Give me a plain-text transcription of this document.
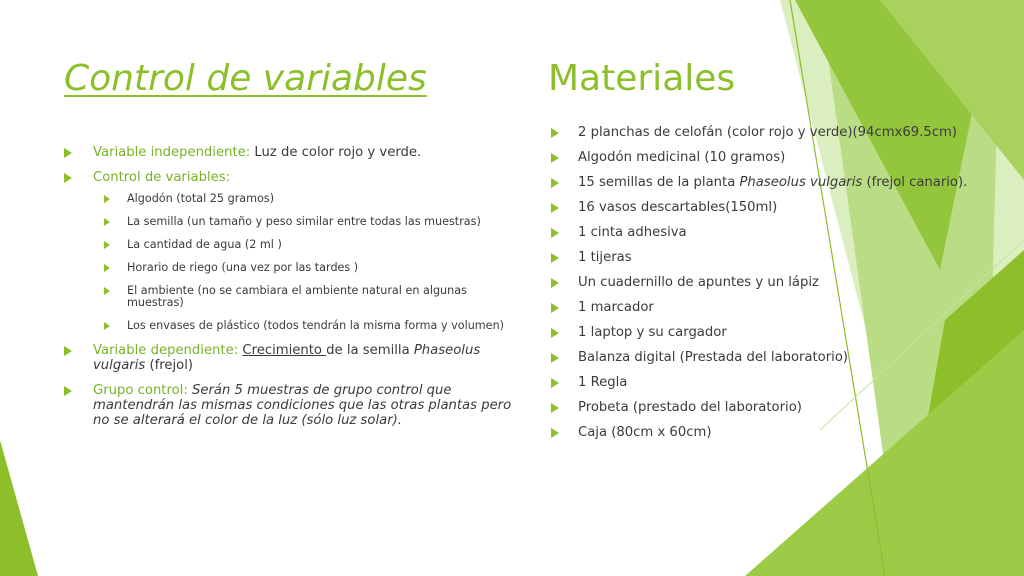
Control de variables	Materiales
Variable independiente: Luz de color rojo y verde.
Control de variables:
Algodón (total 25 gramos)
La semilla (un tamaño y peso similar entre todas las muestras)
La cantidad de agua (2 ml )
Horario de riego (una vez por las tardes )
El ambiente (no se cambiara el ambiente natural en algunas muestras)
Los envases de plástico (todos tendrán la misma forma y volumen)
Variable dependiente: Crecimiento de la semilla Phaseolus vulgaris (frejol)
Grupo control: Serán 5 muestras de grupo control que mantendrán las mismas condiciones que las otras plantas pero no se alterará el color de la luz (sólo luz solar).
2 planchas de celofán (color rojo y verde)(94cmx69.5cm)
Algodón medicinal (10 gramos)
15 semillas de la planta Phaseolus vulgaris (frejol canario).
16 vasos descartables(150ml)
1 cinta adhesiva
1 tijeras
Un cuadernillo de apuntes y un lápiz
1 marcador
1 laptop y su cargador
Balanza digital (Prestada del laboratorio)
1 Regla
Probeta (prestado del laboratorio)
Caja (80cm x 60cm)
